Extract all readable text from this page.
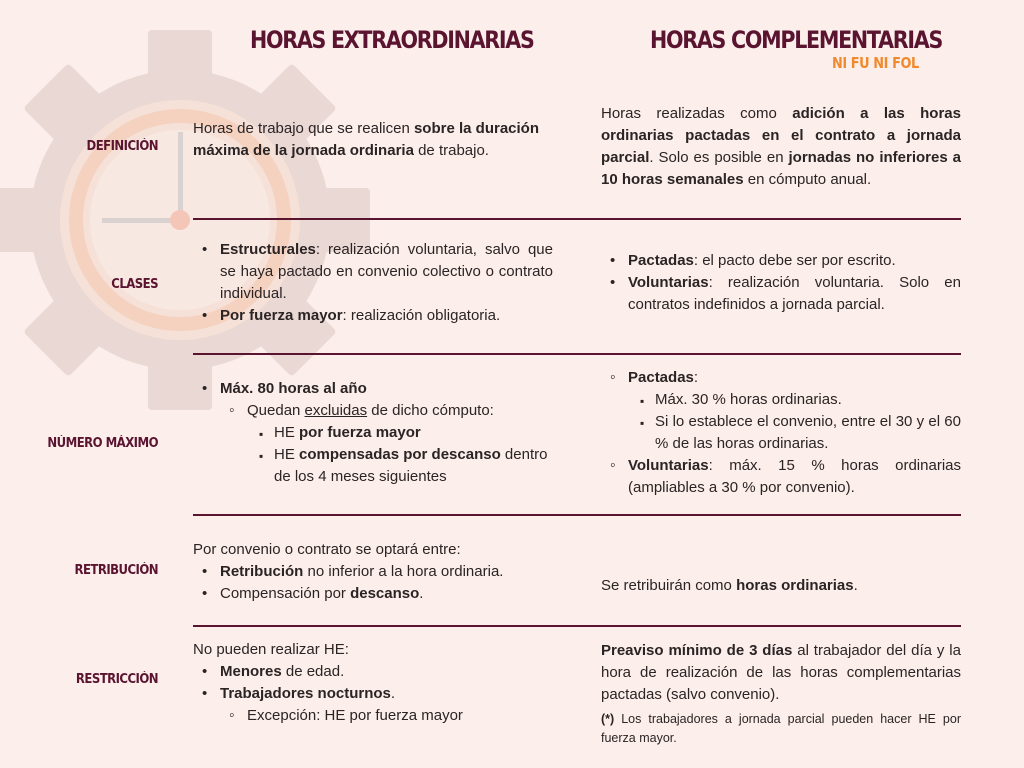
HORAS EXTRAORDINARIAS	HORAS COMPLEMENTARIAS
NI FU NI FOL
DEFINICIÓN
CLASES
NÚMERO MÁXIMO
RETRIBUCIÓN
RESTRICCIÓN
Horas de trabajo que se realicen sobre la duración máxima de la jornada ordinaria de trabajo.
Horas realizadas como adición a las horas ordinarias pactadas en el contrato a jornada parcial. Solo es posible en jornadas no inferiores a 10 horas semanales en cómputo anual.
• Estructurales: realización voluntaria, salvo que se haya pactado en convenio colectivo o contrato individual.
• Por fuerza mayor: realización obligatoria.
• Pactadas: el pacto debe ser por escrito.
• Voluntarias: realización voluntaria. Solo en contratos indefinidos a jornada parcial.
• Máx. 80 horas al año
◦ Quedan excluidas de dicho cómputo:
▪ HE por fuerza mayor
▪ HE compensadas por descanso dentro de los 4 meses siguientes
◦ Pactadas:
▪ Máx. 30 % horas ordinarias.
▪ Si lo establece el convenio, entre el 30 y el 60 % de las horas ordinarias.
◦ Voluntarias: máx. 15 % horas ordinarias (ampliables a 30 % por convenio).
Por convenio o contrato se optará entre:
• Retribución no inferior a la hora ordinaria.
• Compensación por descanso.	Se retribuirán como horas ordinarias.
No pueden realizar HE:
• Menores de edad.
• Trabajadores nocturnos.
◦ Excepción: HE por fuerza mayor
Preaviso mínimo de 3 días al trabajador del día y la hora de realización de las horas complementarias pactadas (salvo convenio).
(*) Los trabajadores a jornada parcial pueden hacer HE por fuerza mayor.
